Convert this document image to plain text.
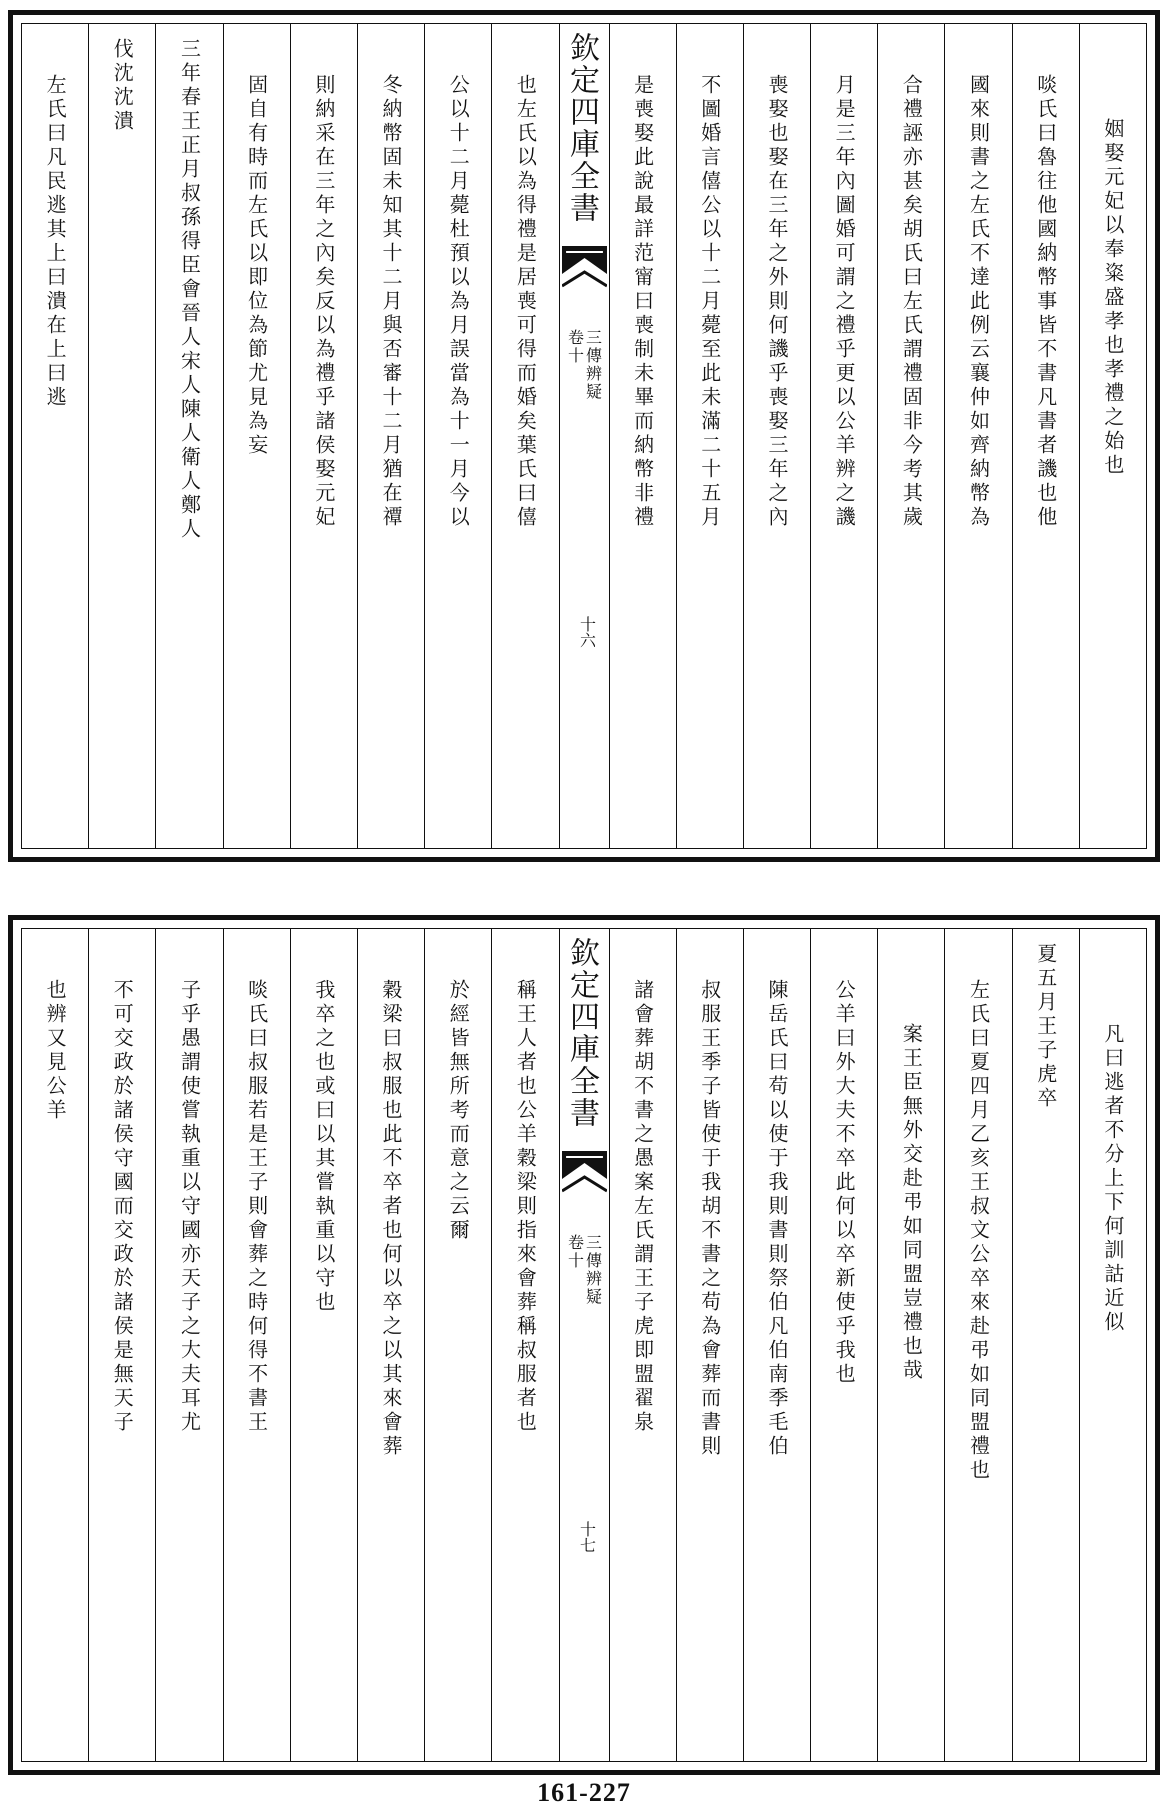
姻娶元妃以奉粢盛孝也孝禮之始也
啖氏曰魯往他國納幣事皆不書凡書者譏也他
國來則書之左氏不達此例云襄仲如齊納幣為
合禮誣亦甚矣胡氏曰左氏謂禮固非今考其歲
月是三年內圖婚可謂之禮乎更以公羊辨之譏
喪娶也娶在三年之外則何譏乎喪娶三年之內
不圖婚言僖公以十二月薨至此未滿二十五月
是喪娶此說最詳范甯曰喪制未畢而納幣非禮
欽定四庫全書
三傳辨疑
卷十
十六
也左氏以為得禮是居喪可得而婚矣葉氏曰僖
公以十二月薨杜預以為月誤當為十一月今以
冬納幣固未知其十二月與否審十二月猶在禫
則納采在三年之內矣反以為禮乎諸侯娶元妃
固自有時而左氏以即位為節尤見為妄
三年春王正月叔孫得臣會晉人宋人陳人衛人鄭人
伐沈沈潰
左氏曰凡民逃其上曰潰在上曰逃
凡曰逃者不分上下何訓詁近似
夏五月王子虎卒
左氏曰夏四月乙亥王叔文公卒來赴弔如同盟禮也
案王臣無外交赴弔如同盟豈禮也哉
公羊曰外大夫不卒此何以卒新使乎我也
陳岳氏曰苟以使于我則書則祭伯凡伯南季毛伯
叔服王季子皆使于我胡不書之苟為會葬而書則
諸會葬胡不書之愚案左氏謂王子虎即盟翟泉
欽定四庫全書
三傳辨疑
卷十
十七
稱王人者也公羊穀梁則指來會葬稱叔服者也
於經皆無所考而意之云爾
穀梁曰叔服也此不卒者也何以卒之以其來會葬
我卒之也或曰以其嘗執重以守也
啖氏曰叔服若是王子則會葬之時何得不書王
子乎愚謂使嘗執重以守國亦天子之大夫耳尤
不可交政於諸侯守國而交政於諸侯是無天子
也辨又見公羊
161-227
